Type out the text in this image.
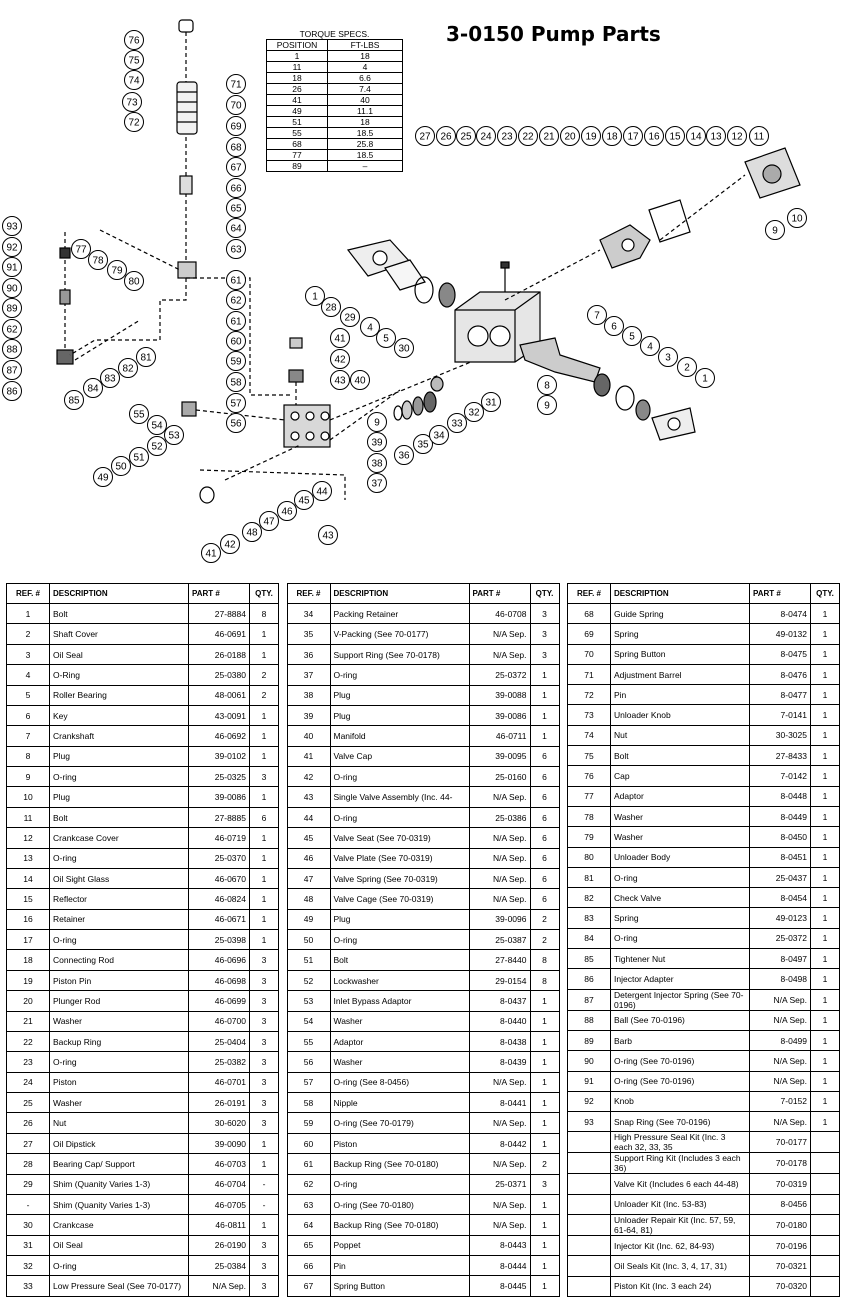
76
75
74
73
72
71
70
69
68
67
66
65
64
63
61
62
61
60
59
58
57
56
93
92
91
90
89
62
88
87
86
77
78
79
80
85
84
83
82
81
55
54
53
52
51
50
49
27 26 25 24 23 22 21 20 19 18 17 16 15 14 13 12 11
10
9
1
28
29
4
5
30
41
42
43 40
9
39
38
37
36
35
34
33
32
31
8
9
7
6
5
4
3
2
1
44
45
46
47
48
42
41
43
3-0150 Pump Parts
TORQUE SPECS.	
POSITION	FT-LBS
1	18
11	4
18	6.6
26	7.4
41	40
49	11.1
51	18
55	18.5
68	25.8
77	18.5
89	–
REF. #	DESCRIPTION	PART #	QTY.
1	Bolt	27-8884	8
2	Shaft Cover	46-0691	1
3	Oil Seal	26-0188	1
4	O-Ring	25-0380	2
5	Roller Bearing	48-0061	2
6	Key	43-0091	1
7	Crankshaft	46-0692	1
8	Plug	39-0102	1
9	O-ring	25-0325	3
10	Plug	39-0086	1
11	Bolt	27-8885	6
12	Crankcase Cover	46-0719	1
13	O-ring	25-0370	1
14	Oil Sight Glass	46-0670	1
15	Reflector	46-0824	1
16	Retainer	46-0671	1
17	O-ring	25-0398	1
18	Connecting Rod	46-0696	3
19	Piston Pin	46-0698	3
20	Plunger Rod	46-0699	3
21	Washer	46-0700	3
22	Backup Ring	25-0404	3
23	O-ring	25-0382	3
24	Piston	46-0701	3
25	Washer	26-0191	3
26	Nut	30-6020	3
27	Oil Dipstick	39-0090	1
28	Bearing Cap/ Support	46-0703	1
29	Shim (Quanity Varies 1-3)	46-0704	-
-	Shim (Quanity Varies 1-3)	46-0705	-
30	Crankcase	46-0811	1
31	Oil Seal	26-0190	3
32	O-ring	25-0384	3
33	Low Pressure Seal (See 70-0177)	N/A Sep.	3
REF. #	DESCRIPTION	PART #	QTY.
34	Packing Retainer	46-0708	3
35	V-Packing (See 70-0177)	N/A Sep.	3
36	Support Ring (See 70-0178)	N/A Sep.	3
37	O-ring	25-0372	1
38	Plug	39-0088	1
39	Plug	39-0086	1
40	Manifold	46-0711	1
41	Valve Cap	39-0095	6
42	O-ring	25-0160	6
43	Single Valve Assembly (Inc. 44-	N/A Sep.	6
44	O-ring	25-0386	6
45	Valve Seat (See 70-0319)	N/A Sep.	6
46	Valve Plate (See 70-0319)	N/A Sep.	6
47	Valve Spring (See 70-0319)	N/A Sep.	6
48	Valve Cage (See 70-0319)	N/A Sep.	6
49	Plug	39-0096	2
50	O-ring	25-0387	2
51	Bolt	27-8440	8
52	Lockwasher	29-0154	8
53	Inlet Bypass Adaptor	8-0437	1
54	Washer	8-0440	1
55	Adaptor	8-0438	1
56	Washer	8-0439	1
57	O-ring (See 8-0456)	N/A Sep.	1
58	Nipple	8-0441	1
59	O-ring (See 70-0179)	N/A Sep.	1
60	Piston	8-0442	1
61	Backup Ring (See 70-0180)	N/A Sep.	2
62	O-ring	25-0371	3
63	O-ring (See 70-0180)	N/A Sep.	1
64	Backup Ring (See 70-0180)	N/A Sep.	1
65	Poppet	8-0443	1
66	Pin	8-0444	1
67	Spring Button	8-0445	1
REF. #	DESCRIPTION	PART #	QTY.
68	Guide Spring	8-0474	1
69	Spring	49-0132	1
70	Spring Button	8-0475	1
71	Adjustment Barrel	8-0476	1
72	Pin	8-0477	1
73	Unloader Knob	7-0141	1
74	Nut	30-3025	1
75	Bolt	27-8433	1
76	Cap	7-0142	1
77	Adaptor	8-0448	1
78	Washer	8-0449	1
79	Washer	8-0450	1
80	Unloader Body	8-0451	1
81	O-ring	25-0437	1
82	Check Valve	8-0454	1
83	Spring	49-0123	1
84	O-ring	25-0372	1
85	Tightener Nut	8-0497	1
86	Injector Adapter	8-0498	1
87	Detergent Injector Spring (See 70-0196)	N/A Sep.	1
88	Ball (See 70-0196)	N/A Sep.	1
89	Barb	8-0499	1
90	O-ring (See 70-0196)	N/A Sep.	1
91	O-ring (See 70-0196)	N/A Sep.	1
92	Knob	7-0152	1
93	Snap Ring (See 70-0196)	N/A Sep.	1
	High Pressure Seal Kit (Inc. 3 each 32, 33, 35	70-0177	
	Support Ring Kit (Includes 3 each 36)	70-0178	
	Valve Kit (Includes 6 each 44-48)	70-0319	
	Unloader Kit (Inc. 53-83)	8-0456	
	Unloader Repair Kit (Inc. 57, 59, 61-64, 81)	70-0180	
	Injector Kit (Inc. 62, 84-93)	70-0196	
	Oil Seals Kit (Inc. 3, 4, 17, 31)	70-0321	
	Piston Kit (Inc. 3 each 24)	70-0320	
